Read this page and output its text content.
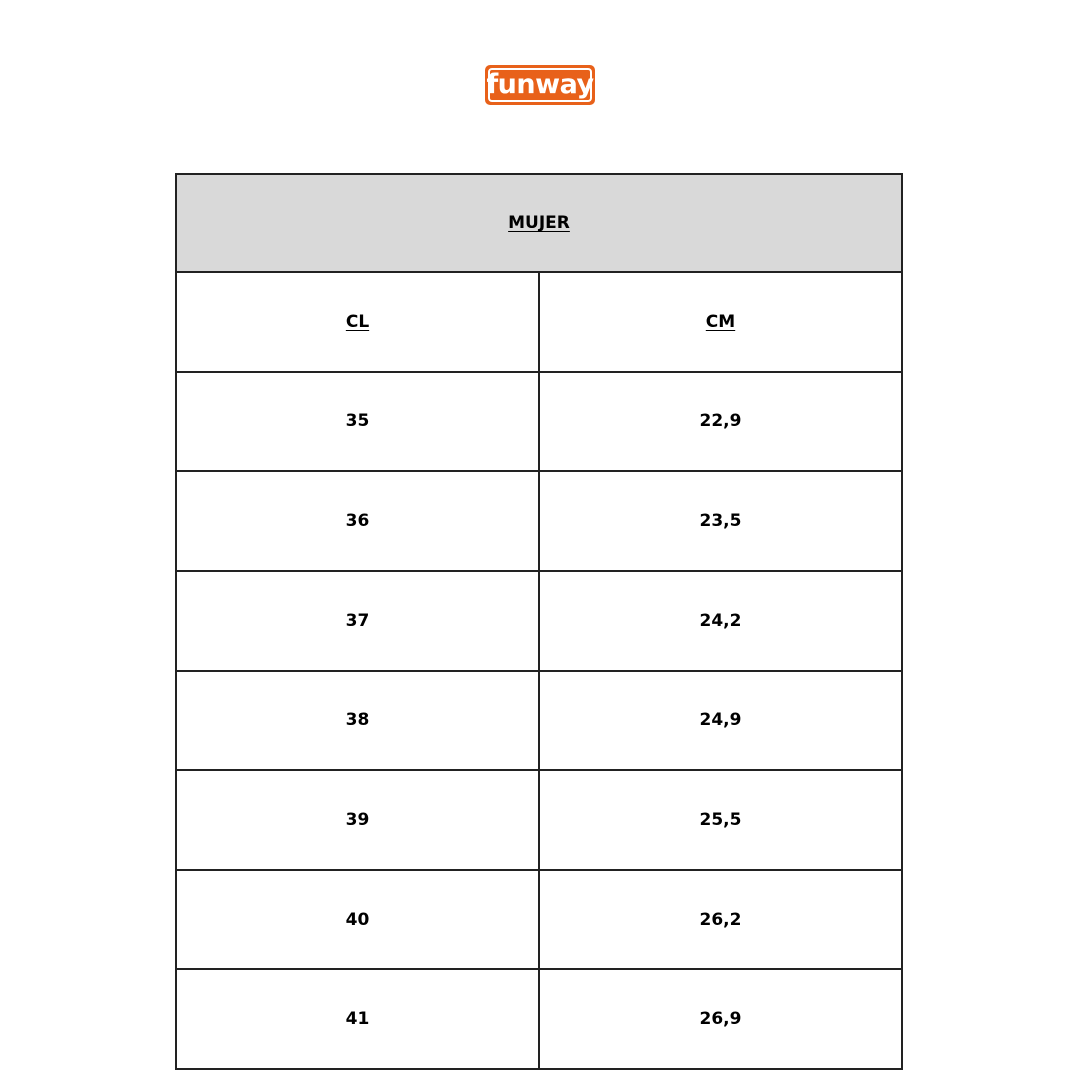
funway
MUJER	
CL	CM
35	22,9
36	23,5
37	24,2
38	24,9
39	25,5
40	26,2
41	26,9
